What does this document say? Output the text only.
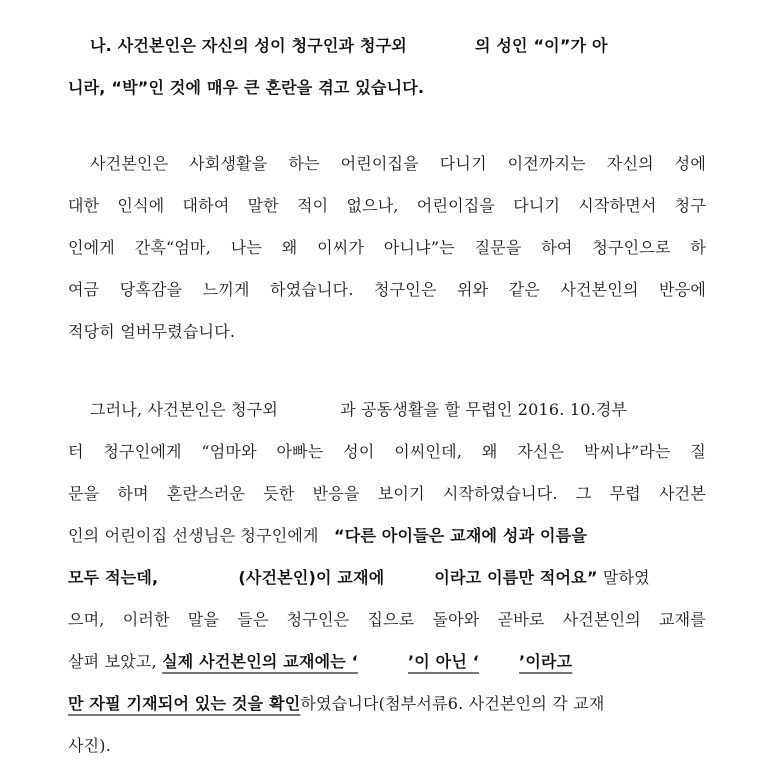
나. 사건본인은 자신의 성이 청구인과 청구외	의 성인 “이”가 아
니라, “박”인 것에 매우 큰 혼란을 겪고 있습니다.
사건본인은 사회생활을 하는 어린이집을 다니기 이전까지는 자신의 성에
대한 인식에 대하여 말한 적이 없으나, 어린이집을 다니기 시작하면서 청구
인에게 간혹“엄마, 나는 왜 이씨가 아니냐”는 질문을 하여 청구인으로 하
여금 당혹감을 느끼게 하였습니다. 청구인은 위와 같은 사건본인의 반응에
적당히 얼버무렸습니다.
그러나, 사건본인은 청구외	과 공동생활을 할 무렵인 2016. 10.경부
터 청구인에게 “엄마와 아빠는 성이 이씨인데, 왜 자신은 박씨냐”라는 질
문을 하며 혼란스러운 듯한 반응을 보이기 시작하였습니다. 그 무렵 사건본
인의 어린이집 선생님은 청구인에게 “다른 아이들은 교재에 성과 이름을
모두 적는데,	(사건본인)이 교재에	이라고 이름만 적어요” 말하였
으며, 이러한 말을 들은 청구인은 집으로 돌아와 곧바로 사건본인의 교재를
살펴 보았고, 실제 사건본인의 교재에는 ‘	’이 아닌 ‘	’이라고
만 자필 기재되어 있는 것을 확인하였습니다(첨부서류6. 사건본인의 각 교재
사진).
